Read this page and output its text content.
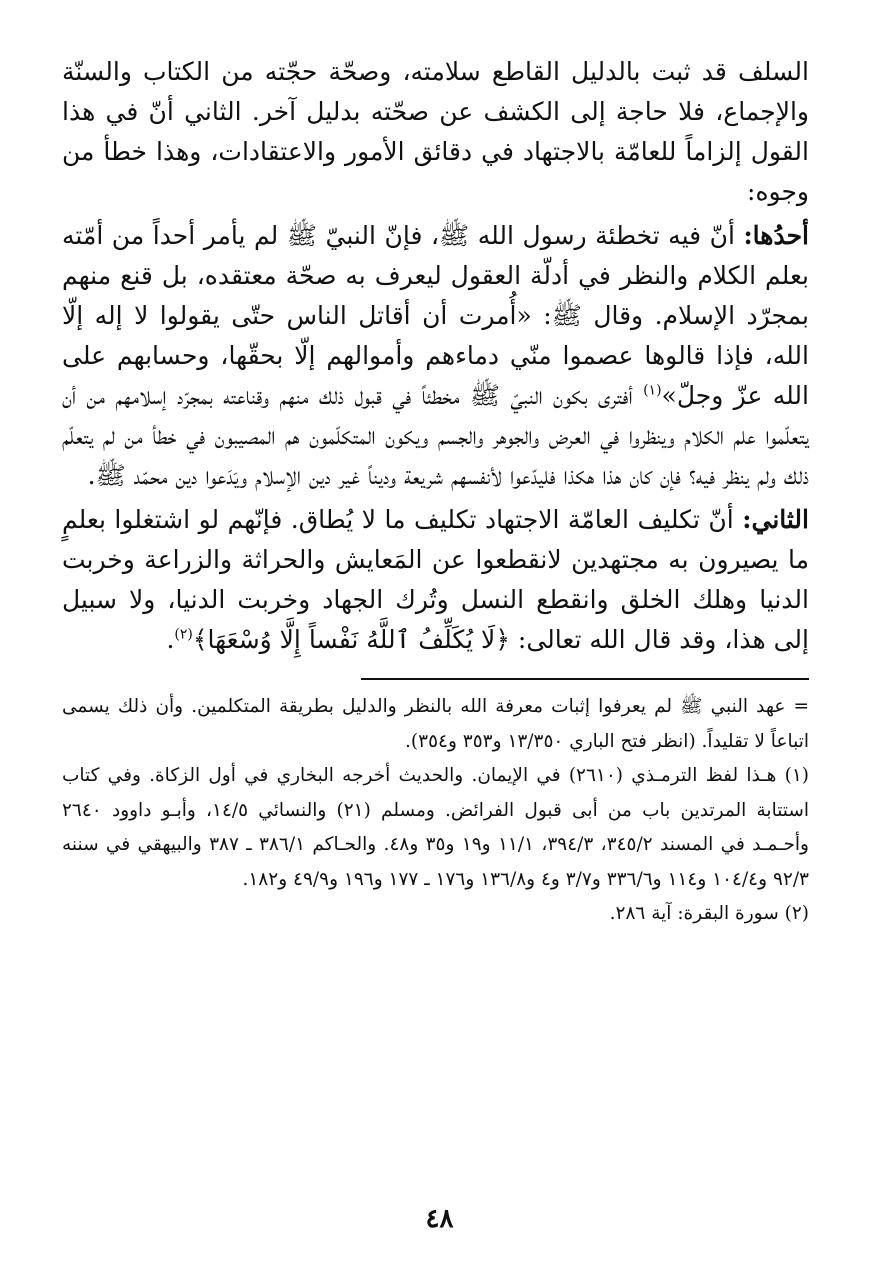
السلف قد ثبت بالدليل القاطع سلامته، وصحّة حجّته من الكتاب والسنّة والإجماع، فلا حاجة إلى الكشف عن صحّته بدليل آخر. الثاني أنّ في هذا القول إلزاماً للعامّة بالاجتهاد في دقائق الأمور والاعتقادات، وهذا خطأ من وجوه:

أحدُها: أنّ فيه تخطئة رسول الله ﷺ، فإنّ النبيّ ﷺ لم يأمر أحداً من أمّته بعلم الكلام والنظر في أدلّة العقول ليعرف به صحّة معتقده، بل قنع منهم بمجرّد الإسلام. وقال ﷺ: «أُمرت أن أقاتل الناس حتّى يقولوا لا إله إلّا الله، فإذا قالوها عصموا منّي دماءهم وأموالهم إلّا بحقّها، وحسابهم على الله عزّ وجلّ»$^{(١)}$ أفترى بكون النبيّ ﷺ مخطئاً في قبول ذلك منهم وقناعته بمجرّد إسلامهم من أن يتعلّموا علم الكلام وينظروا في العرض والجوهر والجسم ويكون المتكلّمون هم المصيبون في خطأ من لم يتعلّم ذلك ولم ينظر فيه؟ فإن كان هذا هكذا فليدّعوا لأنفسهم شريعة وديناً غير دين الإسلام ويَدَعوا دين محمّد ﷺ.

الثاني: أنّ تكليف العامّة الاجتهاد تكليف ما لا يُطاق. فإنّهم لو اشتغلوا بعلمٍ ما يصيرون به مجتهدين لانقطعوا عن المَعايش والحراثة والزراعة وخربت الدنيا وهلك الخلق وانقطع النسل وتُرك الجهاد وخربت الدنيا، ولا سبيل إلى هذا، وقد قال الله تعالى: ﴿لَا يُكَلِّفُ ٱللَّهُ نَفْساً إِلَّا وُسْعَهَا﴾$^{(٢)}$.

= عهد النبي ﷺ لم يعرفوا إثبات معرفة الله بالنظر والدليل بطريقة المتكلمين. وأن ذلك يسمى اتباعاً لا تقليداً. (انظر فتح الباري ١٣/٣٥٠ و٣٥٣ و٣٥٤).

(١) هـذا لفظ الترمـذي (٢٦١٠) في الإيمان. والحديث أخرجه البخاري في أول الزكاة. وفي كتاب استتابة المرتدين باب من أبى قبول الفرائض. ومسلم (٢١) والنسائي ١٤/٥، وأبـو داوود ٢٦٤٠ وأحـمـد في المسند ٣٤٥/٢، ٣٩٤/٣، ١١/١ و١٩ و٣٥ و٤٨. والحـاكم ٣٨٦/١ ـ ٣٨٧ والبيهقي في سننه ٩٢/٣ و١٠٤/٤ و١١٤ و٣٣٦/٦ و٣/٧ و٤ و١٣٦/٨ و١٧٦ ـ ١٧٧ و١٩٦ و٤٩/٩ و١٨٢.

(٢) سورة البقرة: آية ٢٨٦.

٤٨
